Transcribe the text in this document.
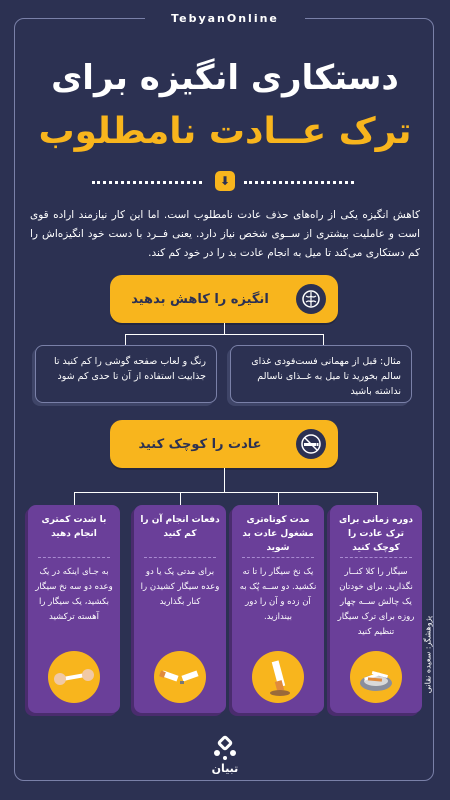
TebyanOnline
دستکاری انگیزه برای
ترک عــادت نامطلوب
⬇
کاهش انگیزه یکی از راه‌های حذف عادت نامطلوب است. اما این کار نیازمند اراده قوی است و عاملیت بیشتری از ســوی شخص نیاز دارد. یعنی فــرد با دست خود انگیزه‌اش را کم دستکاری می‌کند تا میل به انجام عادت بد را در خود کم کند.
انگیزه را کاهش بدهید
مثال: قبل از مهمانی فست‌فودی غذای سالم بخورید تا میل به غــذای ناسالم نداشته باشید
رنگ و لعاب صفحه گوشی را کم کنید تا جذابیت استفاده از آن تا حدی کم شود
عادت را کوچک کنید
دوره زمانی برای ترک عادت را کوچک کنید
سیگار را کلا کنــار نگذارید. برای خودتان یک چالش ســه چهار روزه برای ترک سیگار تنظیم کنید
مدت کوتاه‌تری مشغول عادت بد شوید
یک نخ سیگار را تا ته نکشید. دو ســه پُک به آن زده و آن را دور بیندازید.
دفعات انجام آن را کم کنید
برای مدتی یک یا دو وعده سیگار کشیدن را کنار بگذارید
با شدت کمتری انجام دهید
به جـای اینکه در یک وعده دو سه نخ سیگار بکشید، یک سیگار را آهسته ترکشید	پژوهشگر: سعیده نقانی
تبیان
